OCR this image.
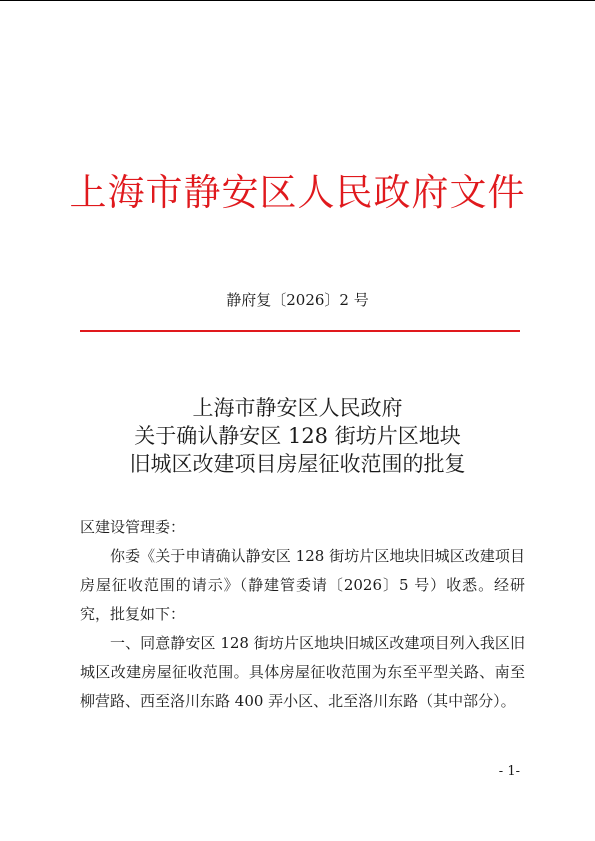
上海市静安区人民政府文件
静府复〔2026〕2 号
上海市静安区人民政府
关于确认静安区 128 街坊片区地块
旧城区改建项目房屋征收范围的批复

区建设管理委：

你委《关于申请确认静安区 128 街坊片区地块旧城区改建项目房屋征收范围的请示》（静建管委请〔2026〕5 号）收悉。经研究，批复如下：

一、同意静安区 128 街坊片区地块旧城区改建项目列入我区旧城区改建房屋征收范围。具体房屋征收范围为东至平型关路、南至柳营路、西至洛川东路 400 弄小区、北至洛川东路（其中部分）。

- 1-
